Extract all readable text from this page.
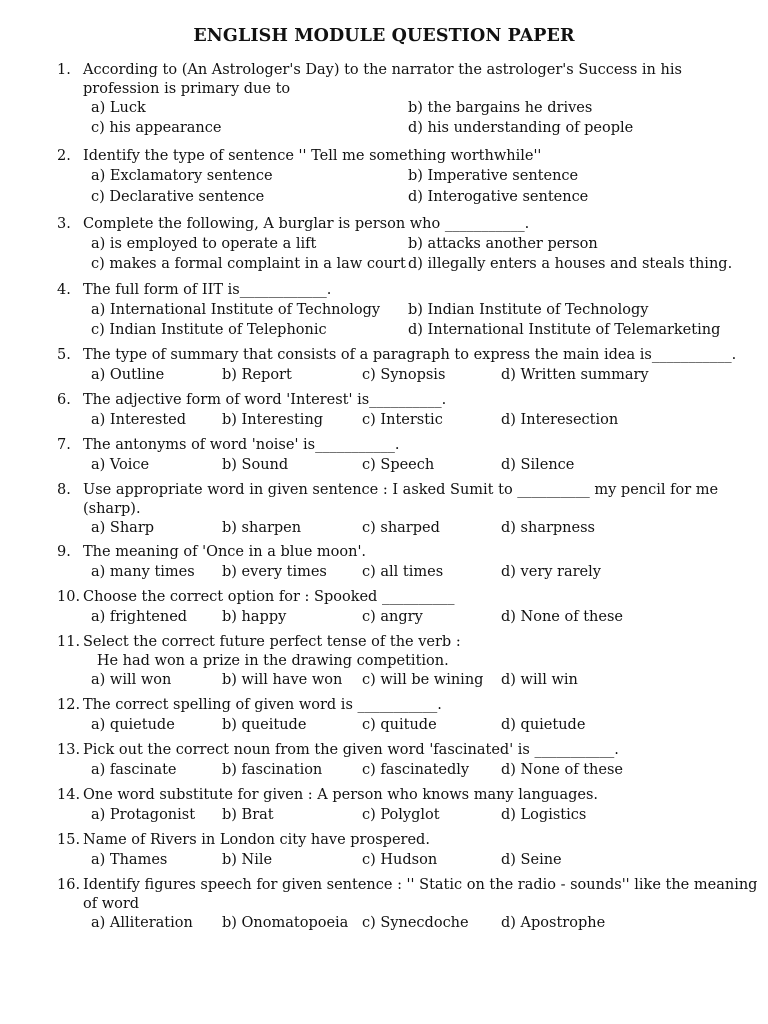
ENGLISH MODULE QUESTION PAPER
1. According to (An Astrologer's Day) to the narrator the astrologer's Success in his
profession is primary due to
a) Luck	b) the bargains he drives
c) his appearance	d) his understanding of people
2. Identify the type of sentence '' Tell me something worthwhile''
a) Exclamatory sentence	b) Imperative sentence
c) Declarative sentence	d) Interogative sentence
3. Complete the following, A burglar is person who ___________.
a) is employed to operate a lift	b) attacks another person
c) makes a formal complaint in a law court d) illegally enters a houses and steals thing.
4. The full form of IIT is____________.
a) International Institute of Technology b) Indian Institute of Technology
c) Indian Institute of Telephonic	d) International Institute of Telemarketing
5. The type of summary that consists of a paragraph to express the main idea is___________.
a) Outline	b) Report	c) Synopsis	d) Written summary
6. The adjective form of word 'Interest' is__________.
a) Interested b) Interesting	c) Interstic	d) Interesection
7. The antonyms of word 'noise' is___________.
a) Voice	b) Sound	c) Speech	d) Silence
8. Use appropriate word in given sentence : I asked Sumit to __________ my pencil for me
(sharp).
a) Sharp	b) sharpen	c) sharped	d) sharpness
9. The meaning of 'Once in a blue moon'.
a) many times b) every times c) all times	d) very rarely
10. Choose the correct option for : Spooked __________
a) frightened b) happy	c) angry	d) None of these
11. Select the correct future perfect tense of the verb :
He had won a prize in the drawing competition.
a) will won	b) will have won c) will be wining d) will win
12. The correct spelling of given word is ___________.
a) quietude	b) queitude	c) quitude	d) quietude
13. Pick out the correct noun from the given word 'fascinated' is ___________.
a) fascinate	b) fascination	c) fascinatedly d) None of these
14. One word substitute for given : A person who knows many languages.
a) Protagonist b) Brat	c) Polyglot	d) Logistics
15. Name of Rivers in London city have prospered.
a) Thames	b) Nile	c) Hudson	d) Seine
16. Identify figures speech for given sentence : '' Static on the radio - sounds'' like the meaning
of word
a) Alliteration b) Onomatopoeia c) Synecdoche d) Apostrophe
